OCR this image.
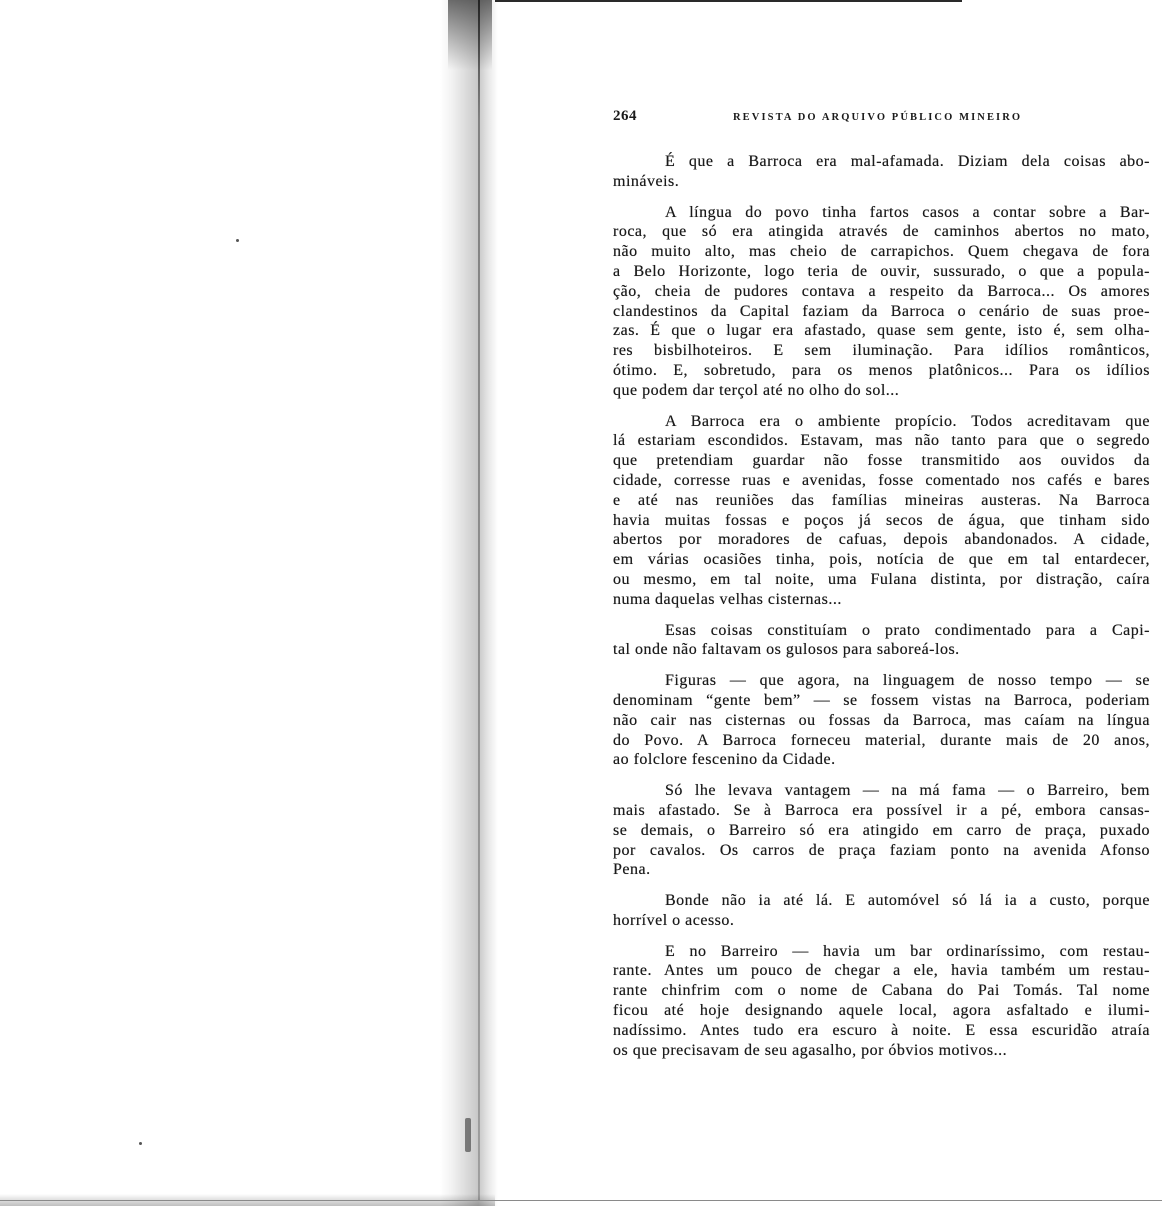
264	REVISTA DO ARQUIVO PÚBLICO MINEIRO
É que a Barroca era mal-afamada. Diziam dela coisas abo-
mináveis.
A língua do povo tinha fartos casos a contar sobre a Bar-
roca, que só era atingida através de caminhos abertos no mato,
não muito alto, mas cheio de carrapichos. Quem chegava de fora
a Belo Horizonte, logo teria de ouvir, sussurado, o que a popula-
ção, cheia de pudores contava a respeito da Barroca... Os amores
clandestinos da Capital faziam da Barroca o cenário de suas proe-
zas. É que o lugar era afastado, quase sem gente, isto é, sem olha-
res bisbilhoteiros. E sem iluminação. Para idílios românticos,
ótimo. E, sobretudo, para os menos platônicos... Para os idílios
que podem dar terçol até no olho do sol...
A Barroca era o ambiente propício. Todos acreditavam que
lá estariam escondidos. Estavam, mas não tanto para que o segredo
que pretendiam guardar não fosse transmitido aos ouvidos da
cidade, corresse ruas e avenidas, fosse comentado nos cafés e bares
e até nas reuniões das famílias mineiras austeras. Na Barroca
havia muitas fossas e poços já secos de água, que tinham sido
abertos por moradores de cafuas, depois abandonados. A cidade,
em várias ocasiões tinha, pois, notícia de que em tal entardecer,
ou mesmo, em tal noite, uma Fulana distinta, por distração, caíra
numa daquelas velhas cisternas...
Esas coisas constituíam o prato condimentado para a Capi-
tal onde não faltavam os gulosos para saboreá-los.
Figuras — que agora, na linguagem de nosso tempo — se
denominam “gente bem” — se fossem vistas na Barroca, poderiam
não cair nas cisternas ou fossas da Barroca, mas caíam na língua
do Povo. A Barroca forneceu material, durante mais de 20 anos,
ao folclore fescenino da Cidade.
Só lhe levava vantagem — na má fama — o Barreiro, bem
mais afastado. Se à Barroca era possível ir a pé, embora cansas-
se demais, o Barreiro só era atingido em carro de praça, puxado
por cavalos. Os carros de praça faziam ponto na avenida Afonso
Pena.
Bonde não ia até lá. E automóvel só lá ia a custo, porque
horrível o acesso.
E no Barreiro — havia um bar ordinaríssimo, com restau-
rante. Antes um pouco de chegar a ele, havia também um restau-
rante chinfrim com o nome de Cabana do Pai Tomás. Tal nome
ficou até hoje designando aquele local, agora asfaltado e ilumi-
nadíssimo. Antes tudo era escuro à noite. E essa escuridão atraía
os que precisavam de seu agasalho, por óbvios motivos...
